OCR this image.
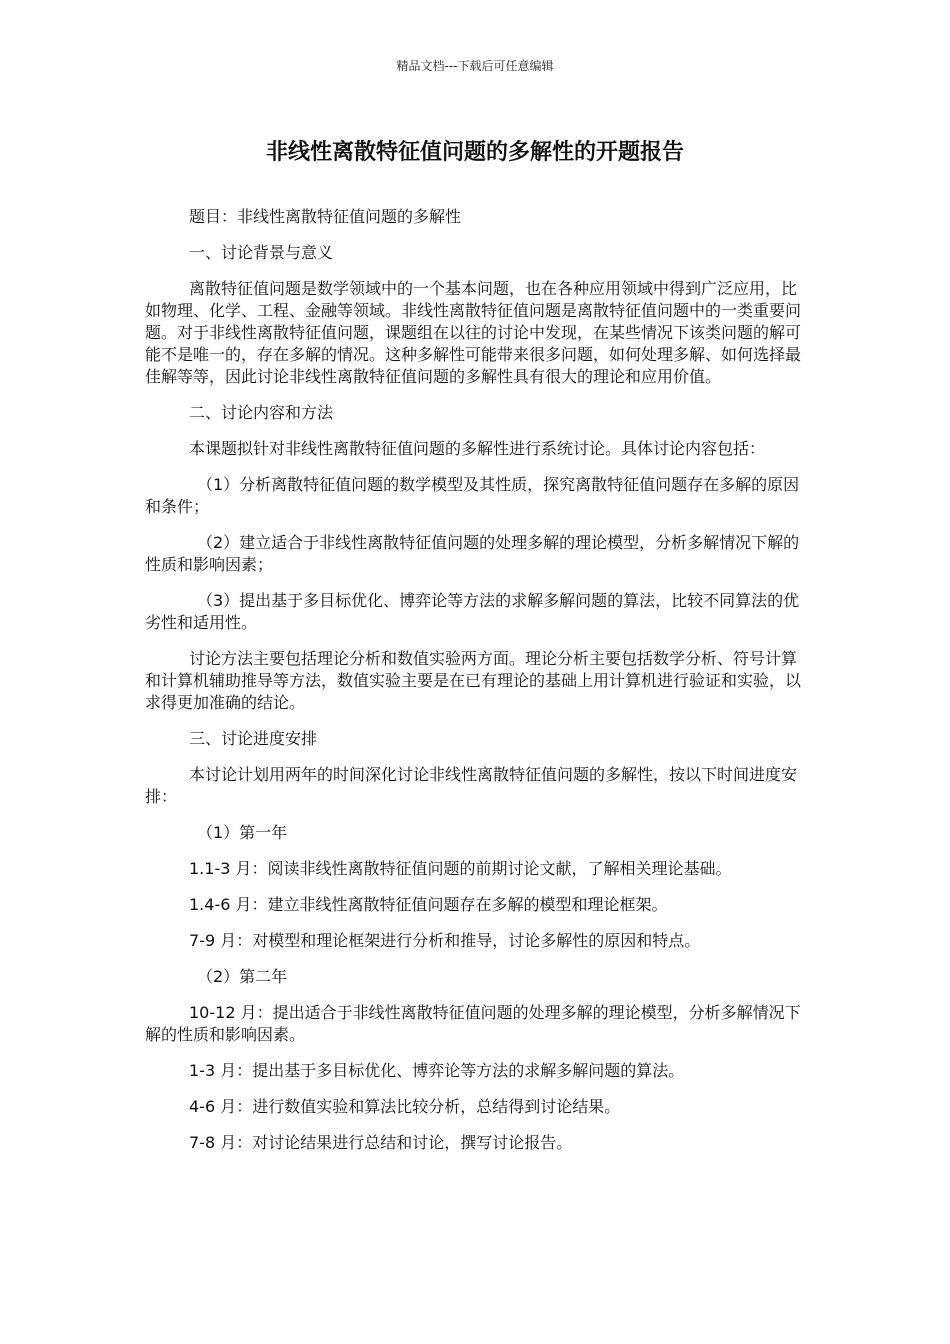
精品文档---下载后可任意编辑
非线性离散特征值问题的多解性的开题报告

题目：非线性离散特征值问题的多解性

一、讨论背景与意义

离散特征值问题是数学领域中的一个基本问题，也在各种应用领域中得到广泛应用，比如物理、化学、工程、金融等领域。非线性离散特征值问题是离散特征值问题中的一类重要问题。对于非线性离散特征值问题，课题组在以往的讨论中发现，在某些情况下该类问题的解可能不是唯一的，存在多解的情况。这种多解性可能带来很多问题，如何处理多解、如何选择最佳解等等，因此讨论非线性离散特征值问题的多解性具有很大的理论和应用价值。

二、讨论内容和方法

本课题拟针对非线性离散特征值问题的多解性进行系统讨论。具体讨论内容包括：

（1）分析离散特征值问题的数学模型及其性质，探究离散特征值问题存在多解的原因和条件；

（2）建立适合于非线性离散特征值问题的处理多解的理论模型，分析多解情况下解的性质和影响因素；

（3）提出基于多目标优化、博弈论等方法的求解多解问题的算法，比较不同算法的优劣性和适用性。

讨论方法主要包括理论分析和数值实验两方面。理论分析主要包括数学分析、符号计算和计算机辅助推导等方法，数值实验主要是在已有理论的基础上用计算机进行验证和实验，以求得更加准确的结论。

三、讨论进度安排

本讨论计划用两年的时间深化讨论非线性离散特征值问题的多解性，按以下时间进度安排：

（1）第一年

1.1-3 月：阅读非线性离散特征值问题的前期讨论文献，了解相关理论基础。

1.4-6 月：建立非线性离散特征值问题存在多解的模型和理论框架。

7-9 月：对模型和理论框架进行分析和推导，讨论多解性的原因和特点。

（2）第二年

10-12 月：提出适合于非线性离散特征值问题的处理多解的理论模型，分析多解情况下解的性质和影响因素。

1-3 月：提出基于多目标优化、博弈论等方法的求解多解问题的算法。

4-6 月：进行数值实验和算法比较分析，总结得到讨论结果。

7-8 月：对讨论结果进行总结和讨论，撰写讨论报告。
